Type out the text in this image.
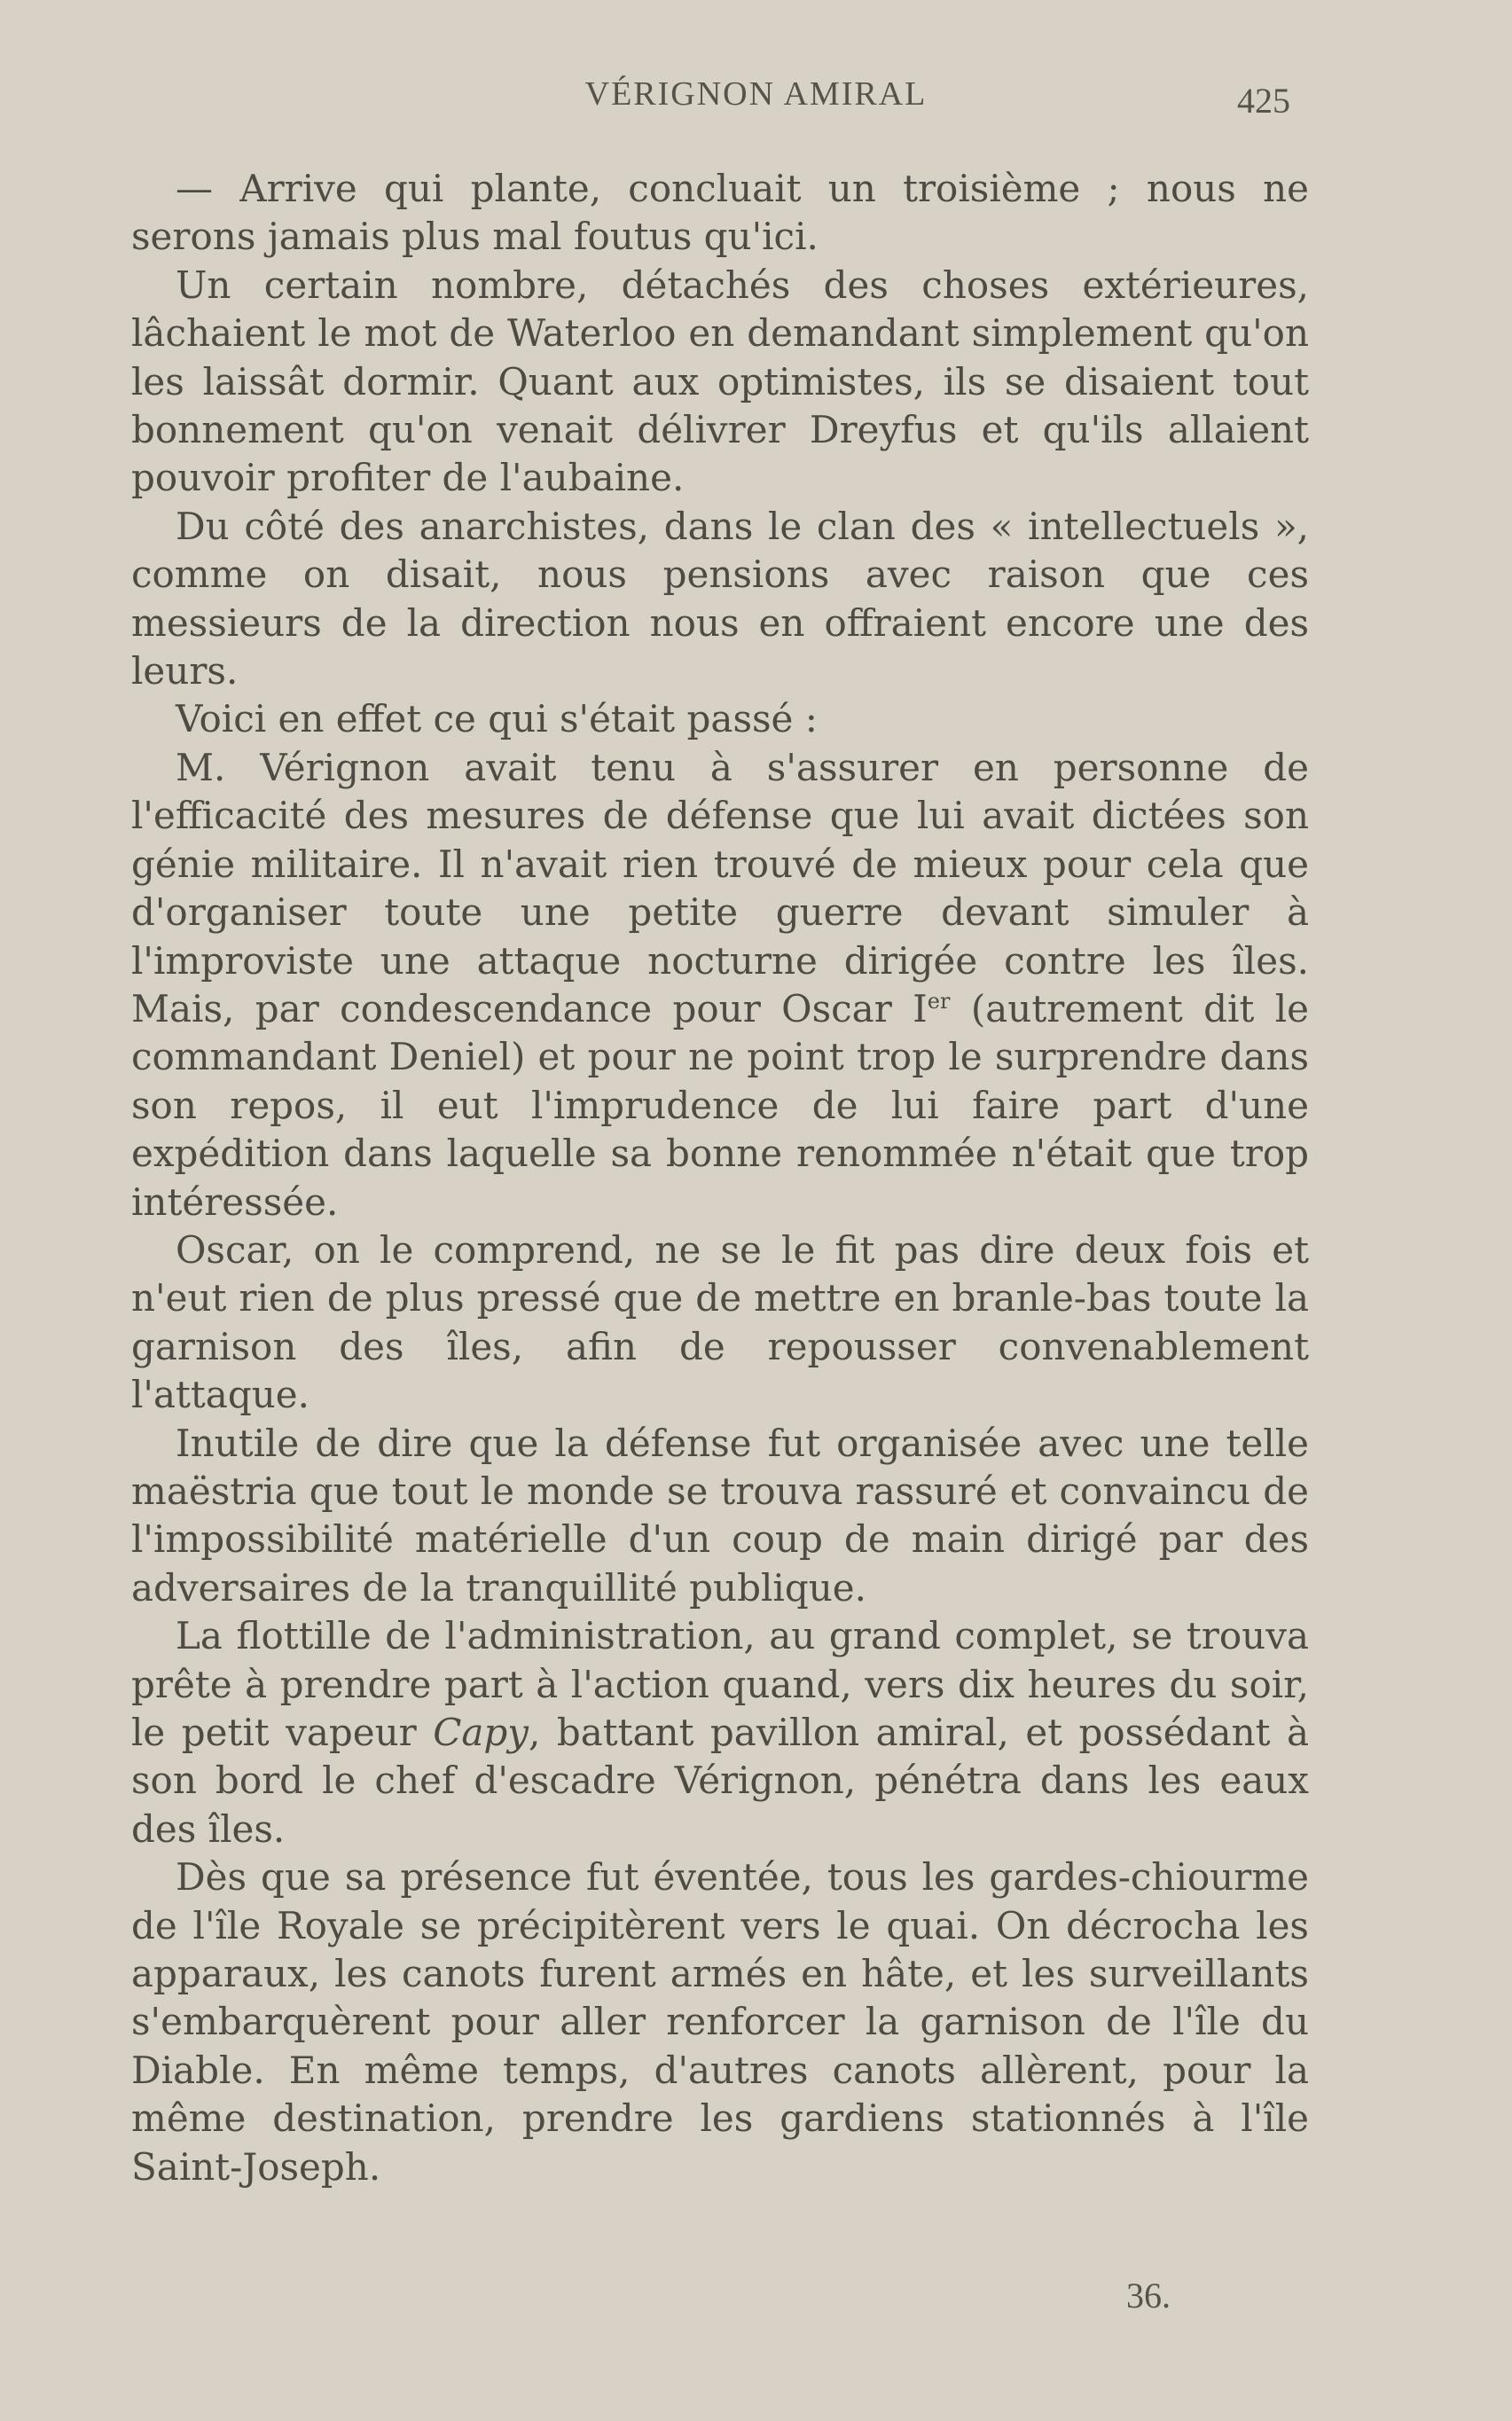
VÉRIGNON AMIRAL	425

— Arrive qui plante, concluait un troisième ; nous ne serons jamais plus mal foutus qu'ici.

Un certain nombre, détachés des choses extérieures, lâchaient le mot de Waterloo en demandant simplement qu'on les laissât dormir. Quant aux optimistes, ils se disaient tout bonnement qu'on venait délivrer Dreyfus et qu'ils allaient pouvoir profiter de l'aubaine.

Du côté des anarchistes, dans le clan des « intellectuels », comme on disait, nous pensions avec raison que ces messieurs de la direction nous en offraient encore une des leurs.

Voici en effet ce qui s'était passé :

M. Vérignon avait tenu à s'assurer en personne de l'efficacité des mesures de défense que lui avait dictées son génie militaire. Il n'avait rien trouvé de mieux pour cela que d'organiser toute une petite guerre devant simuler à l'improviste une attaque nocturne dirigée contre les îles. Mais, par condescendance pour Oscar Ier (autrement dit le commandant Deniel) et pour ne point trop le surprendre dans son repos, il eut l'imprudence de lui faire part d'une expédition dans laquelle sa bonne renommée n'était que trop intéressée.

Oscar, on le comprend, ne se le fit pas dire deux fois et n'eut rien de plus pressé que de mettre en branle-bas toute la garnison des îles, afin de repousser convenablement l'attaque.

Inutile de dire que la défense fut organisée avec une telle maëstria que tout le monde se trouva rassuré et convaincu de l'impossibilité matérielle d'un coup de main dirigé par des adversaires de la tranquillité publique.

La flottille de l'administration, au grand complet, se trouva prête à prendre part à l'action quand, vers dix heures du soir, le petit vapeur Capy, battant pavillon amiral, et possédant à son bord le chef d'escadre Vérignon, pénétra dans les eaux des îles.

Dès que sa présence fut éventée, tous les gardes-chiourme de l'île Royale se précipitèrent vers le quai. On décrocha les apparaux, les canots furent armés en hâte, et les surveillants s'embarquèrent pour aller renforcer la garnison de l'île du Diable. En même temps, d'autres canots allèrent, pour la même destination, prendre les gardiens stationnés à l'île Saint-Joseph.

36.
